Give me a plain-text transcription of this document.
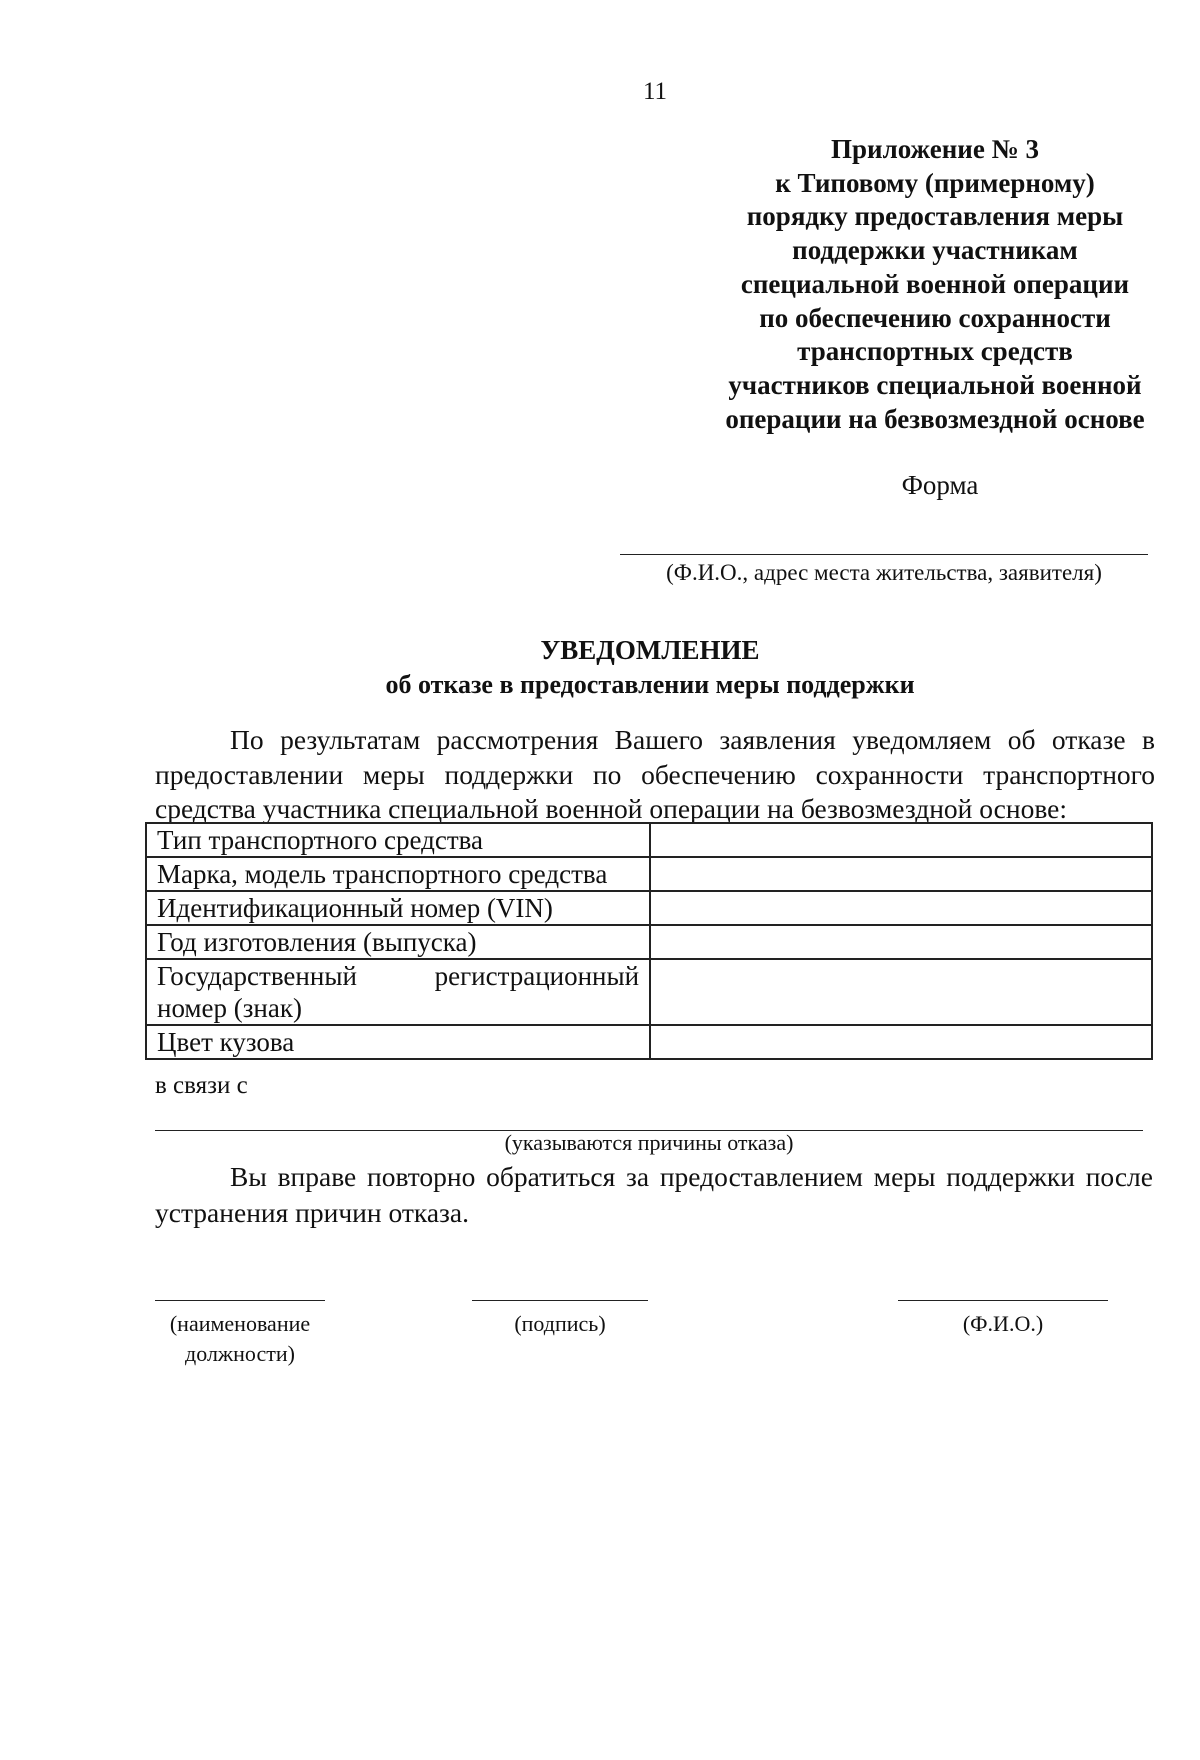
11
Приложение № 3
к Типовому (примерному)
порядку предоставления меры
поддержки участникам
специальной военной операции
по обеспечению сохранности
транспортных средств
участников специальной военной
операции на безвозмездной основе
Форма
(Ф.И.О., адрес места жительства, заявителя)
УВЕДОМЛЕНИЕ
об отказе в предоставлении меры поддержки
По результатам рассмотрения Вашего заявления уведомляем об отказе в предоставлении меры поддержки по обеспечению сохранности транспортного средства участника специальной военной операции на безвозмездной основе:
Тип транспортного средства	
Марка, модель транспортного средства	
Идентификационный номер (VIN)	
Год изготовления (выпуска)	
Государственный регистрационный номер (знак)	
Цвет кузова	
в связи с
(указываются причины отказа)
Вы вправе повторно обратиться за предоставлением меры поддержки после устранения причин отказа.
(наименование должности)
(подпись)	(Ф.И.О.)
